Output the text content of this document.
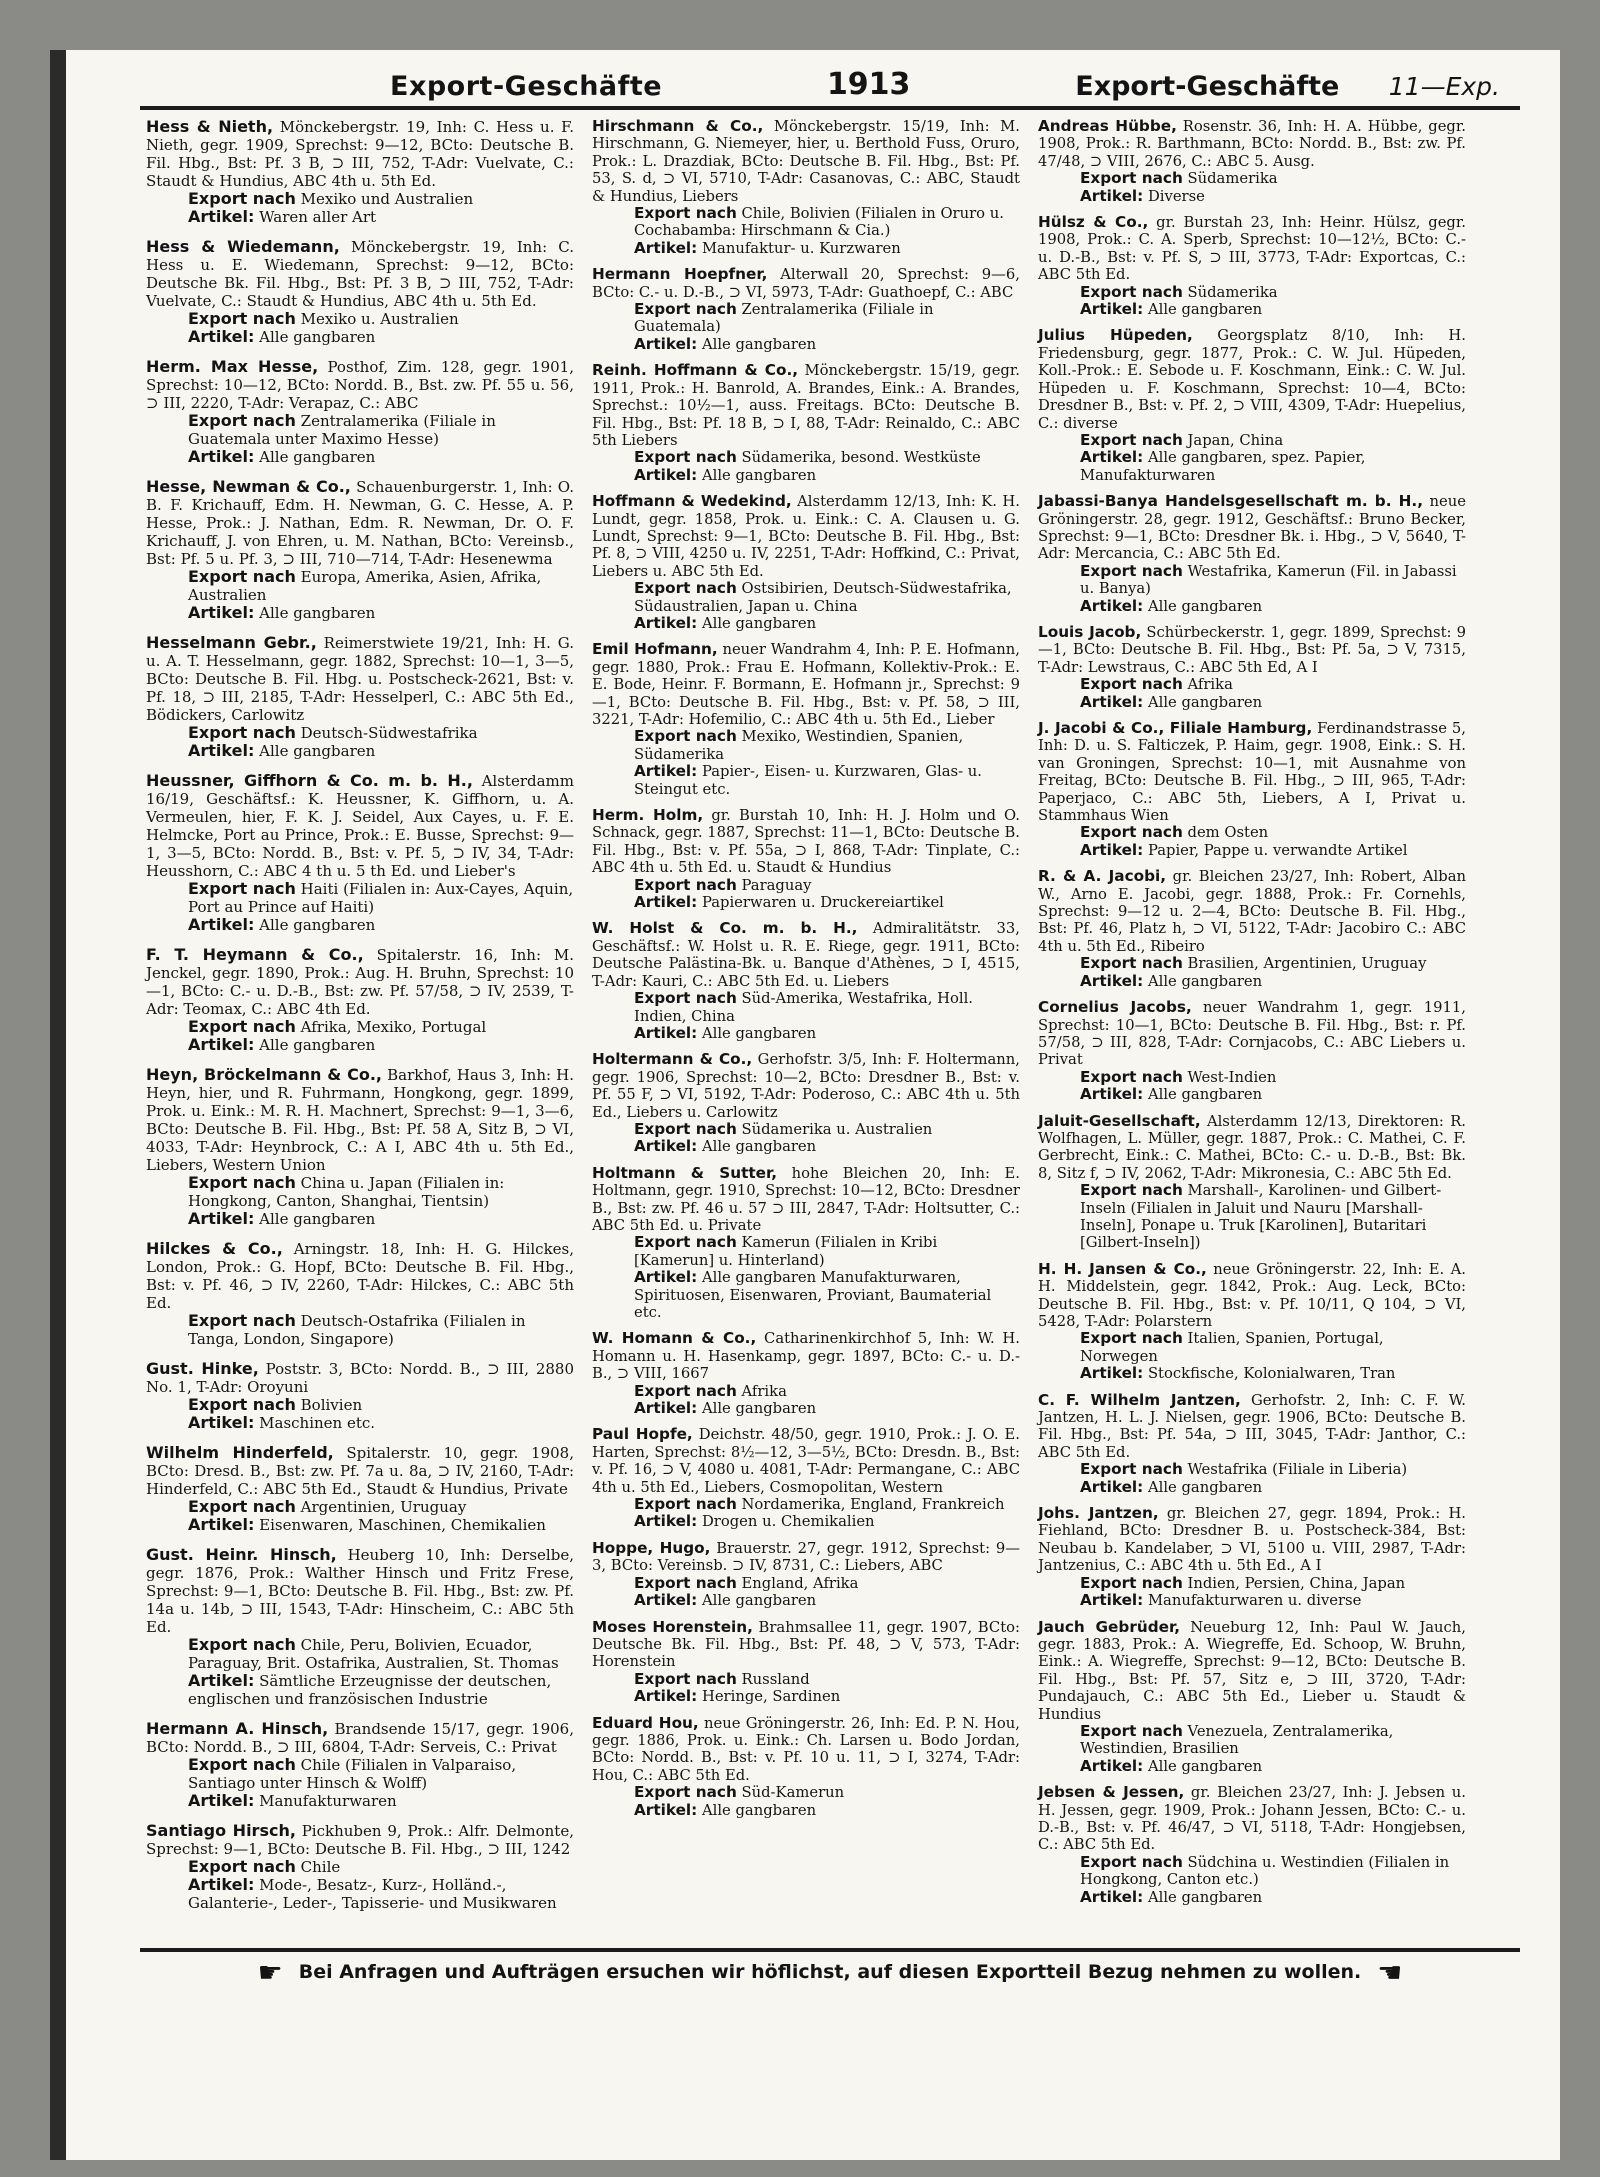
Export-Geschäfte	1913	Export-Geschäfte 11—Exp.
Hess & Nieth, Mönckebergstr. 19, Inh: C. Hess u. F. Nieth, gegr. 1909, Sprechst: 9—12, BCto: Deutsche B. Fil. Hbg., Bst: Pf. 3 B, ⊃ III, 752, T-Adr: Vuelvate, C.: Staudt & Hundius, ABC 4th u. 5th Ed.
Export nach Mexiko und Australien
Artikel: Waren aller Art
Hess & Wiedemann, Mönckebergstr. 19, Inh: C. Hess u. E. Wiedemann, Sprechst: 9—12, BCto: Deutsche Bk. Fil. Hbg., Bst: Pf. 3 B, ⊃ III, 752, T-Adr: Vuelvate, C.: Staudt & Hundius, ABC 4th u. 5th Ed.
Export nach Mexiko u. Australien
Artikel: Alle gangbaren
Herm. Max Hesse, Posthof, Zim. 128, gegr. 1901, Sprechst: 10—12, BCto: Nordd. B., Bst. zw. Pf. 55 u. 56, ⊃ III, 2220, T-Adr: Verapaz, C.: ABC
Export nach Zentralamerika (Filiale in Guatemala unter Maximo Hesse)
Artikel: Alle gangbaren
Hesse, Newman & Co., Schauenburgerstr. 1, Inh: O. B. F. Krichauff, Edm. H. Newman, G. C. Hesse, A. P. Hesse, Prok.: J. Nathan, Edm. R. Newman, Dr. O. F. Krichauff, J. von Ehren, u. M. Nathan, BCto: Vereinsb., Bst: Pf. 5 u. Pf. 3, ⊃ III, 710—714, T-Adr: Hesenewma
Export nach Europa, Amerika, Asien, Afrika, Australien
Artikel: Alle gangbaren
Hesselmann Gebr., Reimerstwiete 19/21, Inh: H. G. u. A. T. Hesselmann, gegr. 1882, Sprechst: 10—1, 3—5, BCto: Deutsche B. Fil. Hbg. u. Postscheck-2621, Bst: v. Pf. 18, ⊃ III, 2185, T-Adr: Hesselperl, C.: ABC 5th Ed., Bödickers, Carlowitz
Export nach Deutsch-Südwestafrika
Artikel: Alle gangbaren
Heussner, Giffhorn & Co. m. b. H., Alsterdamm 16/19, Geschäftsf.: K. Heussner, K. Giffhorn, u. A. Vermeulen, hier, F. K. J. Seidel, Aux Cayes, u. F. E. Helmcke, Port au Prince, Prok.: E. Busse, Sprechst: 9—1, 3—5, BCto: Nordd. B., Bst: v. Pf. 5, ⊃ IV, 34, T-Adr: Heusshorn, C.: ABC 4 th u. 5 th Ed. und Lieber's
Export nach Haiti (Filialen in: Aux-Cayes, Aquin, Port au Prince auf Haiti)
Artikel: Alle gangbaren
F. T. Heymann & Co., Spitalerstr. 16, Inh: M. Jenckel, gegr. 1890, Prok.: Aug. H. Bruhn, Sprechst: 10—1, BCto: C.- u. D.-B., Bst: zw. Pf. 57/58, ⊃ IV, 2539, T-Adr: Teomax, C.: ABC 4th Ed.
Export nach Afrika, Mexiko, Portugal
Artikel: Alle gangbaren
Heyn, Bröckelmann & Co., Barkhof, Haus 3, Inh: H. Heyn, hier, und R. Fuhrmann, Hongkong, gegr. 1899, Prok. u. Eink.: M. R. H. Machnert, Sprechst: 9—1, 3—6, BCto: Deutsche B. Fil. Hbg., Bst: Pf. 58 A, Sitz B, ⊃ VI, 4033, T-Adr: Heynbrock, C.: A I, ABC 4th u. 5th Ed., Liebers, Western Union
Export nach China u. Japan (Filialen in: Hongkong, Canton, Shanghai, Tientsin)
Artikel: Alle gangbaren
Hilckes & Co., Arningstr. 18, Inh: H. G. Hilckes, London, Prok.: G. Hopf, BCto: Deutsche B. Fil. Hbg., Bst: v. Pf. 46, ⊃ IV, 2260, T-Adr: Hilckes, C.: ABC 5th Ed.
Export nach Deutsch-Ostafrika (Filialen in Tanga, London, Singapore)
Gust. Hinke, Poststr. 3, BCto: Nordd. B., ⊃ III, 2880 No. 1, T-Adr: Oroyuni
Export nach Bolivien
Artikel: Maschinen etc.
Wilhelm Hinderfeld, Spitalerstr. 10, gegr. 1908, BCto: Dresd. B., Bst: zw. Pf. 7a u. 8a, ⊃ IV, 2160, T-Adr: Hinderfeld, C.: ABC 5th Ed., Staudt & Hundius, Private
Export nach Argentinien, Uruguay
Artikel: Eisenwaren, Maschinen, Chemikalien
Gust. Heinr. Hinsch, Heuberg 10, Inh: Derselbe, gegr. 1876, Prok.: Walther Hinsch und Fritz Frese, Sprechst: 9—1, BCto: Deutsche B. Fil. Hbg., Bst: zw. Pf. 14a u. 14b, ⊃ III, 1543, T-Adr: Hinscheim, C.: ABC 5th Ed.
Export nach Chile, Peru, Bolivien, Ecuador, Paraguay, Brit. Ostafrika, Australien, St. Thomas
Artikel: Sämtliche Erzeugnisse der deutschen, englischen und französischen Industrie
Hermann A. Hinsch, Brandsende 15/17, gegr. 1906, BCto: Nordd. B., ⊃ III, 6804, T-Adr: Serveis, C.: Privat
Export nach Chile (Filialen in Valparaiso, Santiago unter Hinsch & Wolff)
Artikel: Manufakturwaren
Santiago Hirsch, Pickhuben 9, Prok.: Alfr. Delmonte, Sprechst: 9—1, BCto: Deutsche B. Fil. Hbg., ⊃ III, 1242
Export nach Chile
Artikel: Mode-, Besatz-, Kurz-, Holländ.-, Galanterie-, Leder-, Tapisserie- und Musikwaren
Hirschmann & Co., Mönckebergstr. 15/19, Inh: M. Hirschmann, G. Niemeyer, hier, u. Berthold Fuss, Oruro, Prok.: L. Drazdiak, BCto: Deutsche B. Fil. Hbg., Bst: Pf. 53, S. d, ⊃ VI, 5710, T-Adr: Casanovas, C.: ABC, Staudt & Hundius, Liebers
Export nach Chile, Bolivien (Filialen in Oruro u. Cochabamba: Hirschmann & Cia.)
Artikel: Manufaktur- u. Kurzwaren
Hermann Hoepfner, Alterwall 20, Sprechst: 9—6, BCto: C.- u. D.-B., ⊃ VI, 5973, T-Adr: Guathoepf, C.: ABC
Export nach Zentralamerika (Filiale in Guatemala)
Artikel: Alle gangbaren
Reinh. Hoffmann & Co., Mönckebergstr. 15/19, gegr. 1911, Prok.: H. Banrold, A. Brandes, Eink.: A. Brandes, Sprechst.: 10½—1, auss. Freitags. BCto: Deutsche B. Fil. Hbg., Bst: Pf. 18 B, ⊃ I, 88, T-Adr: Reinaldo, C.: ABC 5th Liebers
Export nach Südamerika, besond. Westküste
Artikel: Alle gangbaren
Hoffmann & Wedekind, Alsterdamm 12/13, Inh: K. H. Lundt, gegr. 1858, Prok. u. Eink.: C. A. Clausen u. G. Lundt, Sprechst: 9—1, BCto: Deutsche B. Fil. Hbg., Bst: Pf. 8, ⊃ VIII, 4250 u. IV, 2251, T-Adr: Hoffkind, C.: Privat, Liebers u. ABC 5th Ed.
Export nach Ostsibirien, Deutsch-Südwestafrika, Südaustralien, Japan u. China
Artikel: Alle gangbaren
Emil Hofmann, neuer Wandrahm 4, Inh: P. E. Hofmann, gegr. 1880, Prok.: Frau E. Hofmann, Kollektiv-Prok.: E. E. Bode, Heinr. F. Bormann, E. Hofmann jr., Sprechst: 9—1, BCto: Deutsche B. Fil. Hbg., Bst: v. Pf. 58, ⊃ III, 3221, T-Adr: Hofemilio, C.: ABC 4th u. 5th Ed., Lieber
Export nach Mexiko, Westindien, Spanien, Südamerika
Artikel: Papier-, Eisen- u. Kurzwaren, Glas- u. Steingut etc.
Herm. Holm, gr. Burstah 10, Inh: H. J. Holm und O. Schnack, gegr. 1887, Sprechst: 11—1, BCto: Deutsche B. Fil. Hbg., Bst: v. Pf. 55a, ⊃ I, 868, T-Adr: Tinplate, C.: ABC 4th u. 5th Ed. u. Staudt & Hundius
Export nach Paraguay
Artikel: Papierwaren u. Druckereiartikel
W. Holst & Co. m. b. H., Admiralitätstr. 33, Geschäftsf.: W. Holst u. R. E. Riege, gegr. 1911, BCto: Deutsche Palästina-Bk. u. Banque d'Athènes, ⊃ I, 4515, T-Adr: Kauri, C.: ABC 5th Ed. u. Liebers
Export nach Süd-Amerika, Westafrika, Holl. Indien, China
Artikel: Alle gangbaren
Holtermann & Co., Gerhofstr. 3/5, Inh: F. Holtermann, gegr. 1906, Sprechst: 10—2, BCto: Dresdner B., Bst: v. Pf. 55 F, ⊃ VI, 5192, T-Adr: Poderoso, C.: ABC 4th u. 5th Ed., Liebers u. Carlowitz
Export nach Südamerika u. Australien
Artikel: Alle gangbaren
Holtmann & Sutter, hohe Bleichen 20, Inh: E. Holtmann, gegr. 1910, Sprechst: 10—12, BCto: Dresdner B., Bst: zw. Pf. 46 u. 57 ⊃ III, 2847, T-Adr: Holtsutter, C.: ABC 5th Ed. u. Private
Export nach Kamerun (Filialen in Kribi [Kamerun] u. Hinterland)
Artikel: Alle gangbaren Manufakturwaren, Spirituosen, Eisenwaren, Proviant, Baumaterial etc.
W. Homann & Co., Catharinenkirchhof 5, Inh: W. H. Homann u. H. Hasenkamp, gegr. 1897, BCto: C.- u. D.-B., ⊃ VIII, 1667
Export nach Afrika
Artikel: Alle gangbaren
Paul Hopfe, Deichstr. 48/50, gegr. 1910, Prok.: J. O. E. Harten, Sprechst: 8½—12, 3—5½, BCto: Dresdn. B., Bst: v. Pf. 16, ⊃ V, 4080 u. 4081, T-Adr: Permangane, C.: ABC 4th u. 5th Ed., Liebers, Cosmopolitan, Western
Export nach Nordamerika, England, Frankreich
Artikel: Drogen u. Chemikalien
Hoppe, Hugo, Brauerstr. 27, gegr. 1912, Sprechst: 9—3, BCto: Vereinsb. ⊃ IV, 8731, C.: Liebers, ABC
Export nach England, Afrika
Artikel: Alle gangbaren
Moses Horenstein, Brahmsallee 11, gegr. 1907, BCto: Deutsche Bk. Fil. Hbg., Bst: Pf. 48, ⊃ V, 573, T-Adr: Horenstein
Export nach Russland
Artikel: Heringe, Sardinen
Eduard Hou, neue Gröningerstr. 26, Inh: Ed. P. N. Hou, gegr. 1886, Prok. u. Eink.: Ch. Larsen u. Bodo Jordan, BCto: Nordd. B., Bst: v. Pf. 10 u. 11, ⊃ I, 3274, T-Adr: Hou, C.: ABC 5th Ed.
Export nach Süd-Kamerun
Artikel: Alle gangbaren
Andreas Hübbe, Rosenstr. 36, Inh: H. A. Hübbe, gegr. 1908, Prok.: R. Barthmann, BCto: Nordd. B., Bst: zw. Pf. 47/48, ⊃ VIII, 2676, C.: ABC 5. Ausg.
Export nach Südamerika
Artikel: Diverse
Hülsz & Co., gr. Burstah 23, Inh: Heinr. Hülsz, gegr. 1908, Prok.: C. A. Sperb, Sprechst: 10—12½, BCto: C.- u. D.-B., Bst: v. Pf. S, ⊃ III, 3773, T-Adr: Exportcas, C.: ABC 5th Ed.
Export nach Südamerika
Artikel: Alle gangbaren
Julius Hüpeden, Georgsplatz 8/10, Inh: H. Friedensburg, gegr. 1877, Prok.: C. W. Jul. Hüpeden, Koll.-Prok.: E. Sebode u. F. Koschmann, Eink.: C. W. Jul. Hüpeden u. F. Koschmann, Sprechst: 10—4, BCto: Dresdner B., Bst: v. Pf. 2, ⊃ VIII, 4309, T-Adr: Huepelius, C.: diverse
Export nach Japan, China
Artikel: Alle gangbaren, spez. Papier, Manufakturwaren
Jabassi-Banya Handelsgesellschaft m. b. H., neue Gröningerstr. 28, gegr. 1912, Geschäftsf.: Bruno Becker, Sprechst: 9—1, BCto: Dresdner Bk. i. Hbg., ⊃ V, 5640, T-Adr: Mercancia, C.: ABC 5th Ed.
Export nach Westafrika, Kamerun (Fil. in Jabassi u. Banya)
Artikel: Alle gangbaren
Louis Jacob, Schürbeckerstr. 1, gegr. 1899, Sprechst: 9—1, BCto: Deutsche B. Fil. Hbg., Bst: Pf. 5a, ⊃ V, 7315, T-Adr: Lewstraus, C.: ABC 5th Ed, A I
Export nach Afrika
Artikel: Alle gangbaren
J. Jacobi & Co., Filiale Hamburg, Ferdinandstrasse 5, Inh: D. u. S. Falticzek, P. Haim, gegr. 1908, Eink.: S. H. van Groningen, Sprechst: 10—1, mit Ausnahme von Freitag, BCto: Deutsche B. Fil. Hbg., ⊃ III, 965, T-Adr: Paperjaco, C.: ABC 5th, Liebers, A I, Privat u. Stammhaus Wien
Export nach dem Osten
Artikel: Papier, Pappe u. verwandte Artikel
R. & A. Jacobi, gr. Bleichen 23/27, Inh: Robert, Alban W., Arno E. Jacobi, gegr. 1888, Prok.: Fr. Cornehls, Sprechst: 9—12 u. 2—4, BCto: Deutsche B. Fil. Hbg., Bst: Pf. 46, Platz h, ⊃ VI, 5122, T-Adr: Jacobiro C.: ABC 4th u. 5th Ed., Ribeiro
Export nach Brasilien, Argentinien, Uruguay
Artikel: Alle gangbaren
Cornelius Jacobs, neuer Wandrahm 1, gegr. 1911, Sprechst: 10—1, BCto: Deutsche B. Fil. Hbg., Bst: r. Pf. 57/58, ⊃ III, 828, T-Adr: Cornjacobs, C.: ABC Liebers u. Privat
Export nach West-Indien
Artikel: Alle gangbaren
Jaluit-Gesellschaft, Alsterdamm 12/13, Direktoren: R. Wolfhagen, L. Müller, gegr. 1887, Prok.: C. Mathei, C. F. Gerbrecht, Eink.: C. Mathei, BCto: C.- u. D.-B., Bst: Bk. 8, Sitz f, ⊃ IV, 2062, T-Adr: Mikronesia, C.: ABC 5th Ed.
Export nach Marshall-, Karolinen- und Gilbert-Inseln (Filialen in Jaluit und Nauru [Marshall-Inseln], Ponape u. Truk [Karolinen], Butaritari [Gilbert-Inseln])
H. H. Jansen & Co., neue Gröningerstr. 22, Inh: E. A. H. Middelstein, gegr. 1842, Prok.: Aug. Leck, BCto: Deutsche B. Fil. Hbg., Bst: v. Pf. 10/11, Q 104, ⊃ VI, 5428, T-Adr: Polarstern
Export nach Italien, Spanien, Portugal, Norwegen
Artikel: Stockfische, Kolonialwaren, Tran
C. F. Wilhelm Jantzen, Gerhofstr. 2, Inh: C. F. W. Jantzen, H. L. J. Nielsen, gegr. 1906, BCto: Deutsche B. Fil. Hbg., Bst: Pf. 54a, ⊃ III, 3045, T-Adr: Janthor, C.: ABC 5th Ed.
Export nach Westafrika (Filiale in Liberia)
Artikel: Alle gangbaren
Johs. Jantzen, gr. Bleichen 27, gegr. 1894, Prok.: H. Fiehland, BCto: Dresdner B. u. Postscheck-384, Bst: Neubau b. Kandelaber, ⊃ VI, 5100 u. VIII, 2987, T-Adr: Jantzenius, C.: ABC 4th u. 5th Ed., A I
Export nach Indien, Persien, China, Japan
Artikel: Manufakturwaren u. diverse
Jauch Gebrüder, Neueburg 12, Inh: Paul W. Jauch, gegr. 1883, Prok.: A. Wiegreffe, Ed. Schoop, W. Bruhn, Eink.: A. Wiegreffe, Sprechst: 9—12, BCto: Deutsche B. Fil. Hbg., Bst: Pf. 57, Sitz e, ⊃ III, 3720, T-Adr: Pundajauch, C.: ABC 5th Ed., Lieber u. Staudt & Hundius
Export nach Venezuela, Zentralamerika, Westindien, Brasilien
Artikel: Alle gangbaren
Jebsen & Jessen, gr. Bleichen 23/27, Inh: J. Jebsen u. H. Jessen, gegr. 1909, Prok.: Johann Jessen, BCto: C.- u. D.-B., Bst: v. Pf. 46/47, ⊃ VI, 5118, T-Adr: Hongjebsen, C.: ABC 5th Ed.
Export nach Südchina u. Westindien (Filialen in Hongkong, Canton etc.)
Artikel: Alle gangbaren
☛ Bei Anfragen und Aufträgen ersuchen wir höflichst, auf diesen Exportteil Bezug nehmen zu wollen. ☚
